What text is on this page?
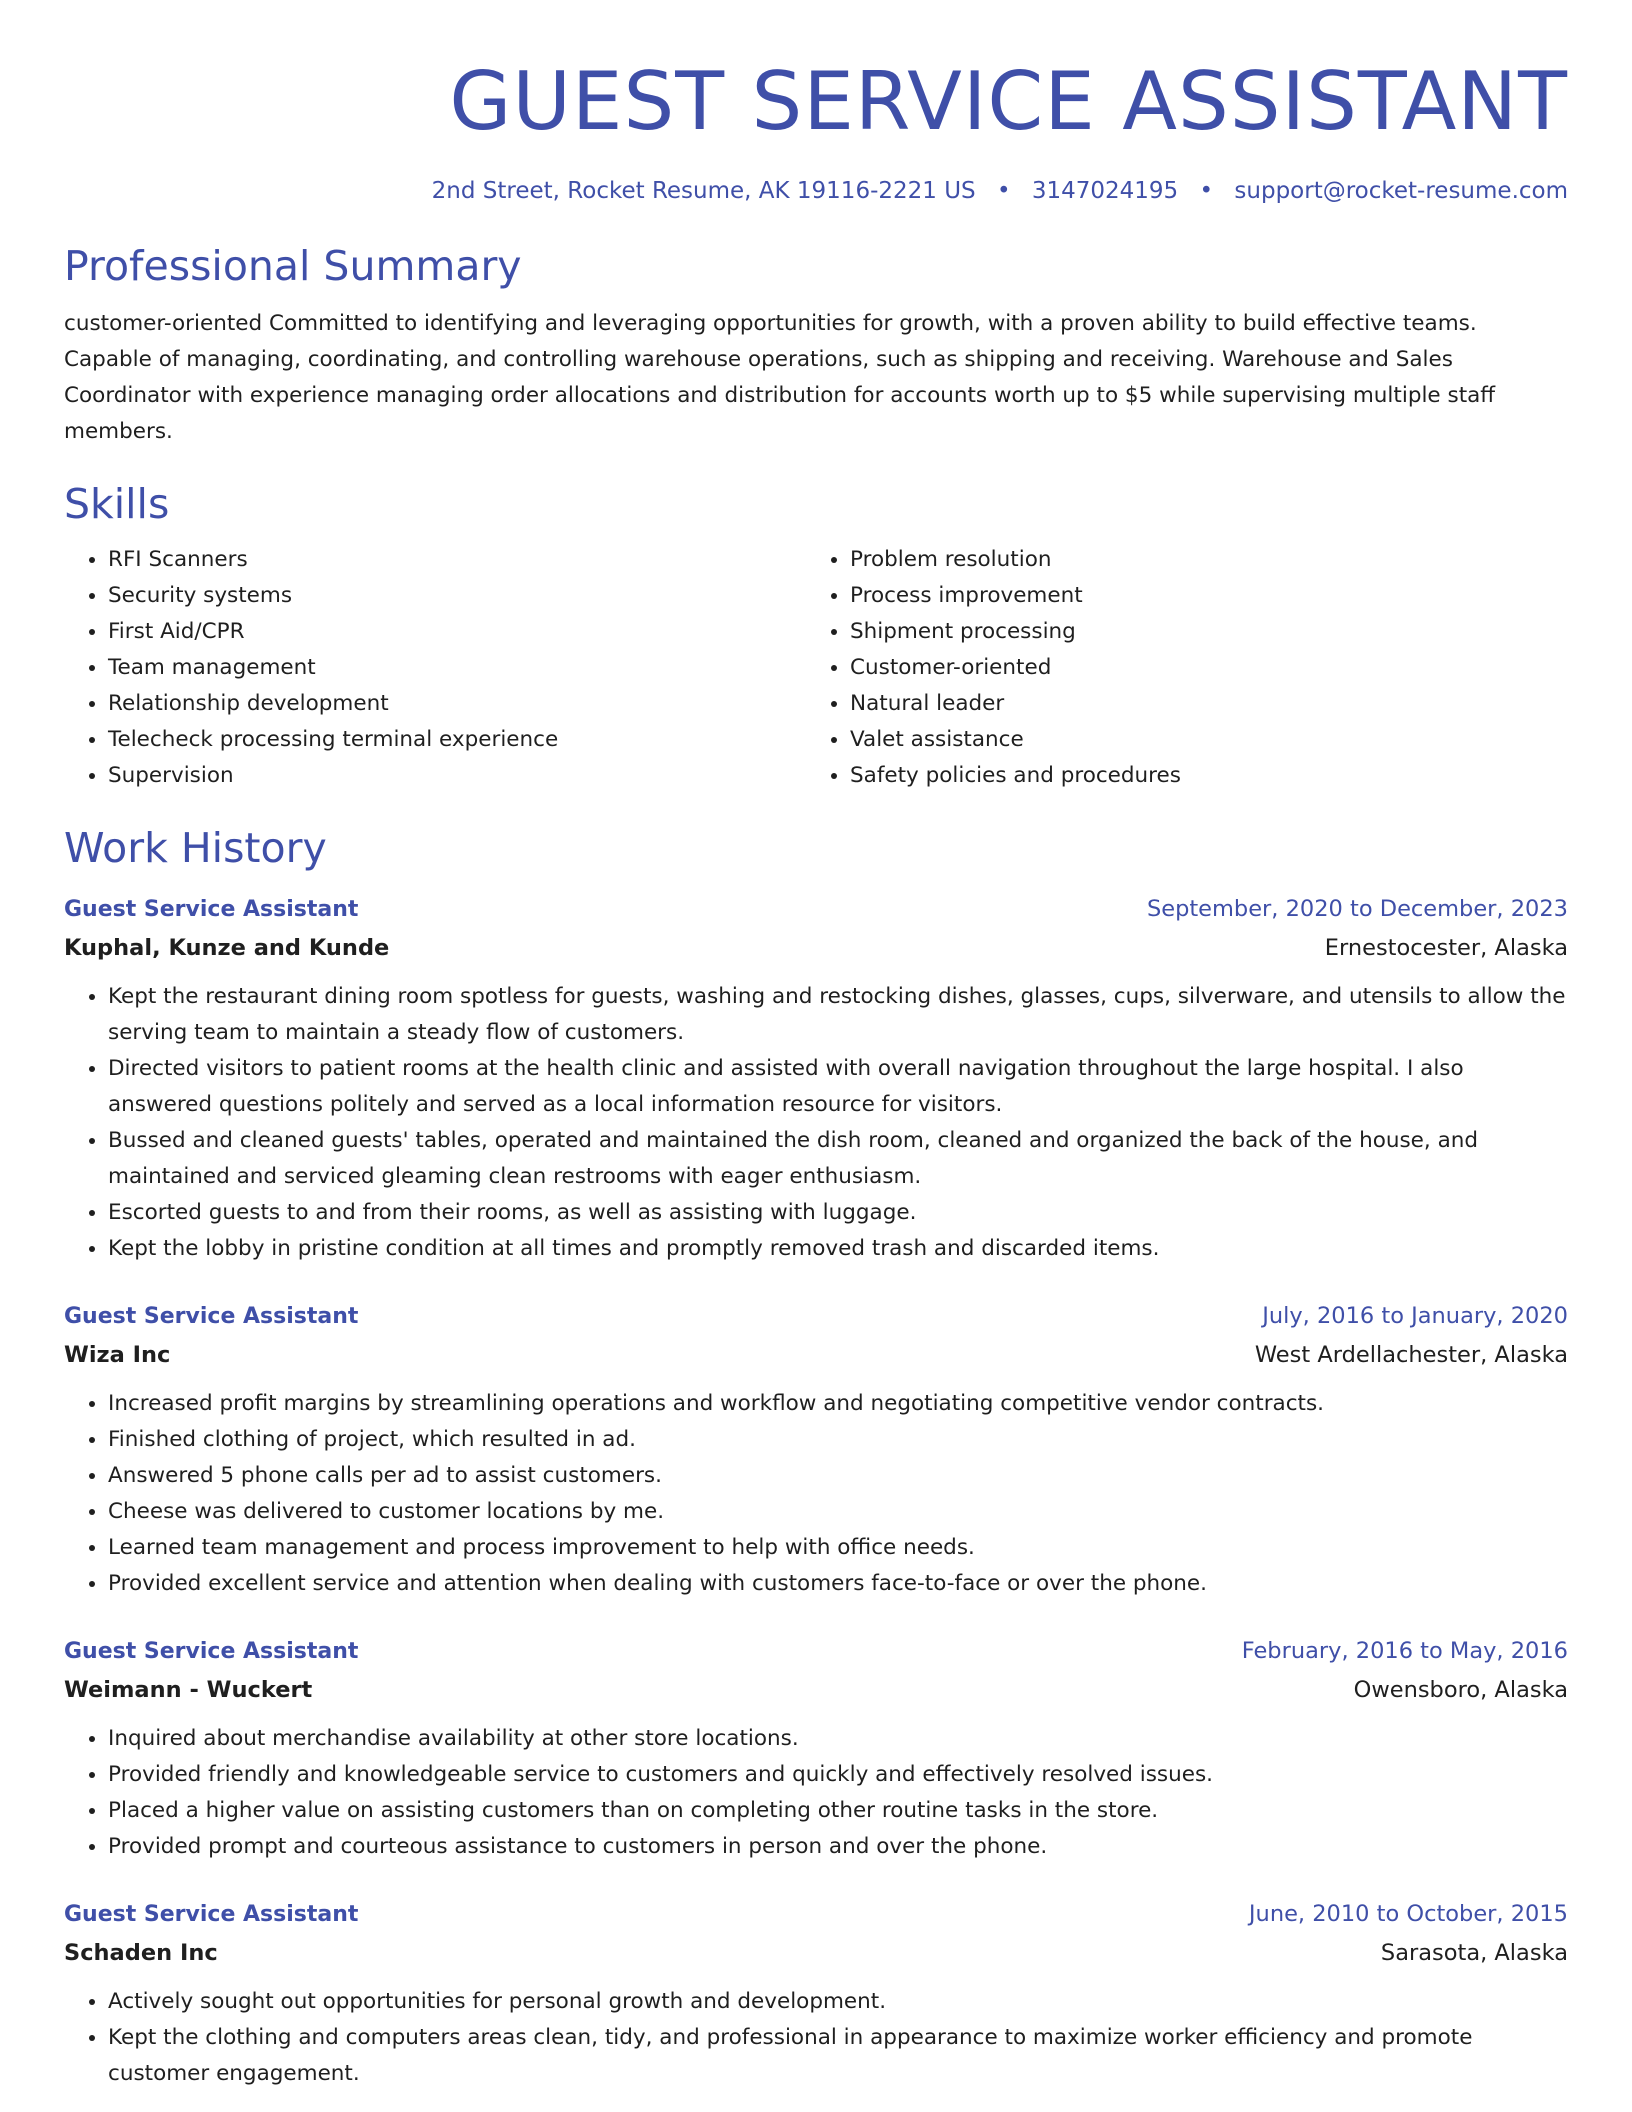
GUEST SERVICE ASSISTANT
2nd Street, Rocket Resume, AK 19116-2221 US • 3147024195 • support@rocket-resume.com
Professional Summary

customer-oriented Committed to identifying and leveraging opportunities for growth, with a proven ability to build effective teams. Capable of managing, coordinating, and controlling warehouse operations, such as shipping and receiving. Warehouse and Sales Coordinator with experience managing order allocations and distribution for accounts worth up to $5 while supervising multiple staff members.

Skills
• RFI Scanners
• Security systems
• First Aid/CPR
• Team management
• Relationship development
• Telecheck processing terminal experience
• Supervision
• Problem resolution
• Process improvement
• Shipment processing
• Customer-oriented
• Natural leader
• Valet assistance
• Safety policies and procedures
Work History
Guest Service Assistant	September, 2020 to December, 2023
Kuphal, Kunze and Kunde	Ernestocester, Alaska
• Kept the restaurant dining room spotless for guests, washing and restocking dishes, glasses, cups, silverware, and utensils to allow the serving team to maintain a steady flow of customers.
• Directed visitors to patient rooms at the health clinic and assisted with overall navigation throughout the large hospital. I also answered questions politely and served as a local information resource for visitors.
• Bussed and cleaned guests' tables, operated and maintained the dish room, cleaned and organized the back of the house, and maintained and serviced gleaming clean restrooms with eager enthusiasm.
• Escorted guests to and from their rooms, as well as assisting with luggage.
• Kept the lobby in pristine condition at all times and promptly removed trash and discarded items.
Guest Service Assistant	July, 2016 to January, 2020
Wiza Inc	West Ardellachester, Alaska
• Increased profit margins by streamlining operations and workflow and negotiating competitive vendor contracts.
• Finished clothing of project, which resulted in ad.
• Answered 5 phone calls per ad to assist customers.
• Cheese was delivered to customer locations by me.
• Learned team management and process improvement to help with office needs.
• Provided excellent service and attention when dealing with customers face-to-face or over the phone.
Guest Service Assistant	February, 2016 to May, 2016
Weimann - Wuckert	Owensboro, Alaska
• Inquired about merchandise availability at other store locations.
• Provided friendly and knowledgeable service to customers and quickly and effectively resolved issues.
• Placed a higher value on assisting customers than on completing other routine tasks in the store.
• Provided prompt and courteous assistance to customers in person and over the phone.
Guest Service Assistant	June, 2010 to October, 2015
Schaden Inc	Sarasota, Alaska
• Actively sought out opportunities for personal growth and development.
• Kept the clothing and computers areas clean, tidy, and professional in appearance to maximize worker efficiency and promote customer engagement.
